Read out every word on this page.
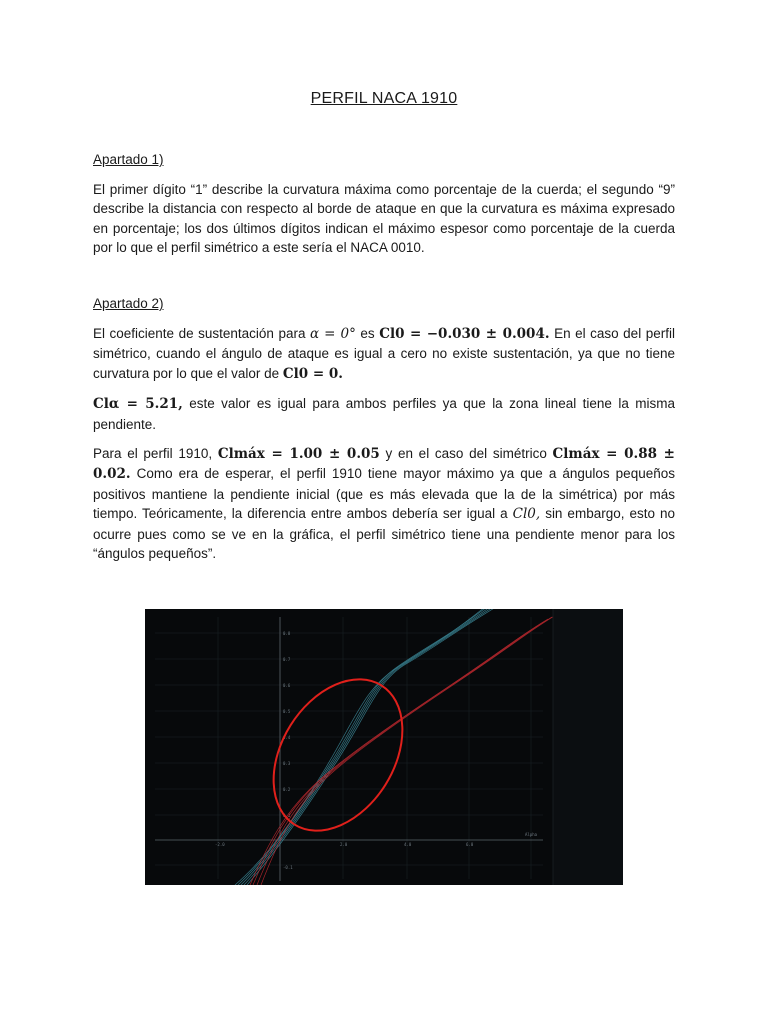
PERFIL NACA 1910

Apartado 1)

El primer dígito “1” describe la curvatura máxima como porcentaje de la cuerda; el segundo “9” describe la distancia con respecto al borde de ataque en que la curvatura es máxima expresado en porcentaje; los dos últimos dígitos indican el máximo espesor como porcentaje de la cuerda por lo que el perfil simétrico a este sería el NACA 0010.

Apartado 2)

El coeficiente de sustentación para α = 0° es Cl0 = −0.030 ± 0.004. En el caso del perfil simétrico, cuando el ángulo de ataque es igual a cero no existe sustentación, ya que no tiene curvatura por lo que el valor de Cl0 = 0.

Clα = 5.21, este valor es igual para ambos perfiles ya que la zona lineal tiene la misma pendiente.

Para el perfil 1910, Clmáx = 1.00 ± 0.05 y en el caso del simétrico Clmáx = 0.88 ± 0.02. Como era de esperar, el perfil 1910 tiene mayor máximo ya que a ángulos pequeños positivos mantiene la pendiente inicial (que es más elevada que la de la simétrica) por más tiempo. Teóricamente, la diferencia entre ambos debería ser igual a Cl0, sin embargo, esto no ocurre pues como se ve en la gráfica, el perfil simétrico tiene una pendiente menor para los “ángulos pequeños”.

0.8
0.7
0.6
0.5
0.4
0.3
0.2
0.1
-0.1
-2.0	2.0	4.0	6.0
Alpha
